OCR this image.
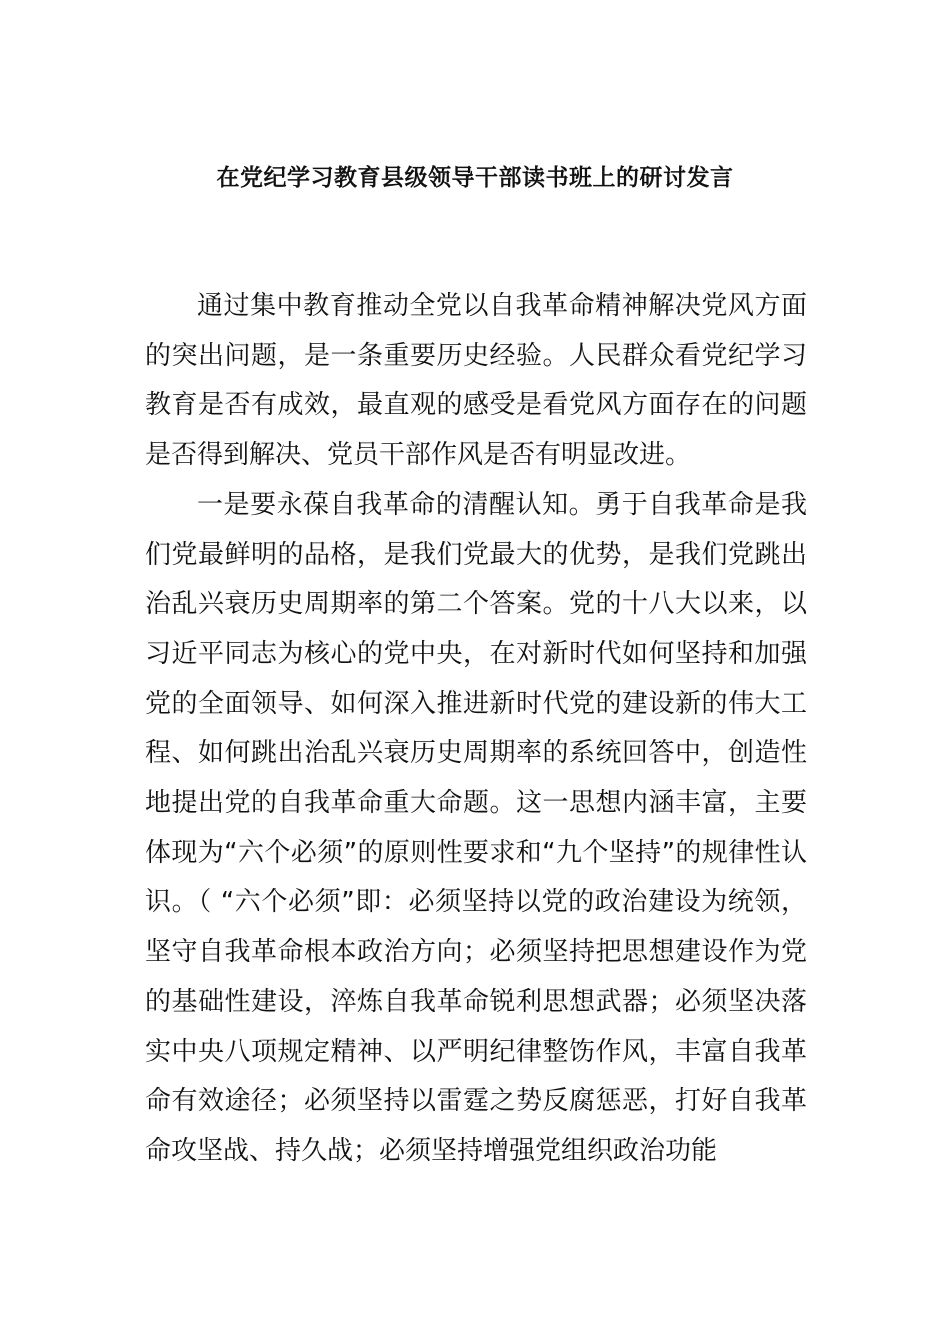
在党纪学习教育县级领导干部读书班上的研讨发言

通过集中教育推动全党以自我革命精神解决党风方面的突出问题，是一条重要历史经验。人民群众看党纪学习教育是否有成效，最直观的感受是看党风方面存在的问题是否得到解决、党员干部作风是否有明显改进。

一是要永葆自我革命的清醒认知。勇于自我革命是我们党最鲜明的品格，是我们党最大的优势，是我们党跳出治乱兴衰历史周期率的第二个答案。党的十八大以来，以习近平同志为核心的党中央，在对新时代如何坚持和加强党的全面领导、如何深入推进新时代党的建设新的伟大工程、如何跳出治乱兴衰历史周期率的系统回答中，创造性地提出党的自我革命重大命题。这一思想内涵丰富，主要体现为“六个必须”的原则性要求和“九个坚持”的规律性认识。（ “六个必须”即：必须坚持以党的政治建设为统领，坚守自我革命根本政治方向；必须坚持把思想建设作为党的基础性建设，淬炼自我革命锐利思想武器；必须坚决落实中央八项规定精神、以严明纪律整饬作风，丰富自我革命有效途径；必须坚持以雷霆之势反腐惩恶，打好自我革命攻坚战、持久战；必须坚持增强党组织政治功能
